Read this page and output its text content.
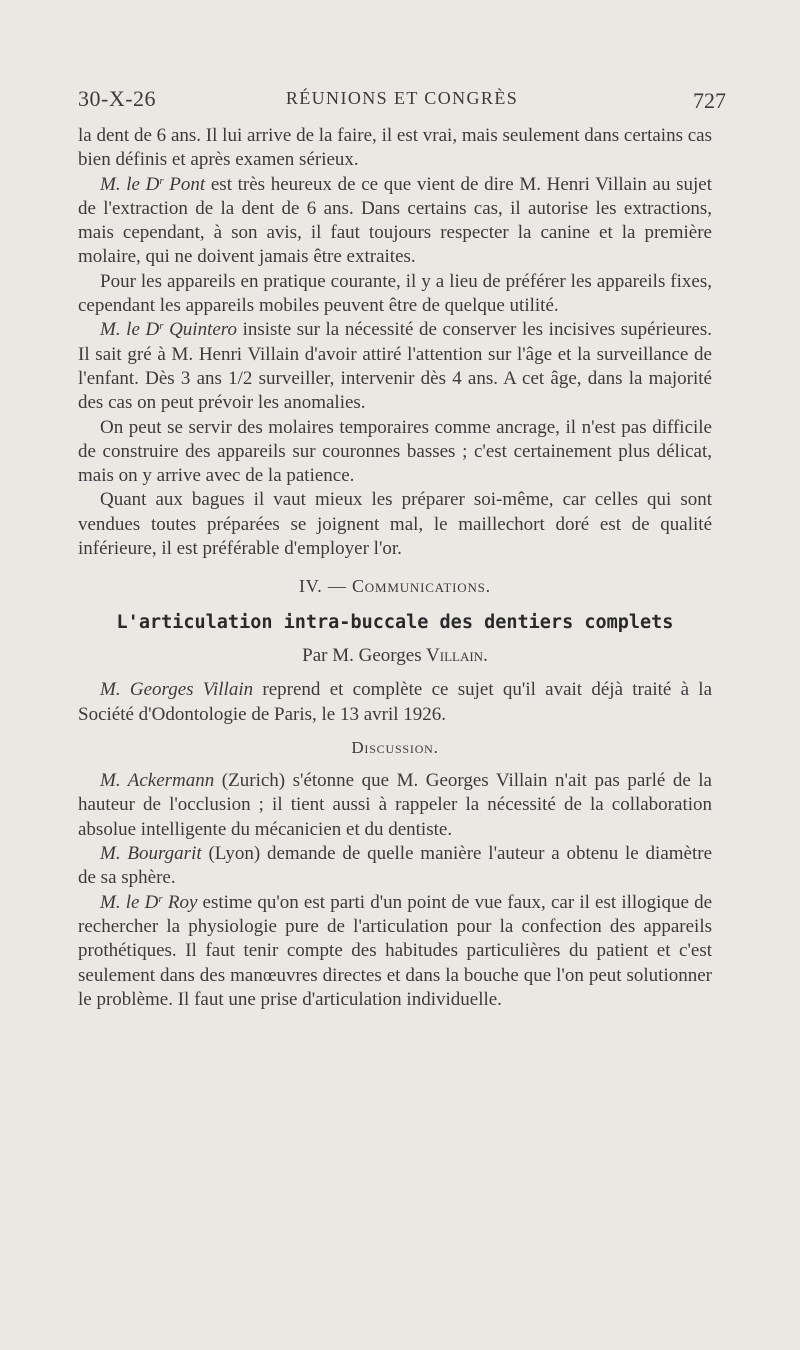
30-X-26	RÉUNIONS ET CONGRÈS	727

la dent de 6 ans. Il lui arrive de la faire, il est vrai, mais seulement dans certains cas bien définis et après examen sérieux.

M. le $D^r$ Pont est très heureux de ce que vient de dire M. Henri Villain au sujet de l'extraction de la dent de 6 ans. Dans certains cas, il autorise les extractions, mais cependant, à son avis, il faut toujours respecter la canine et la première molaire, qui ne doivent jamais être extraites.

Pour les appareils en pratique courante, il y a lieu de préférer les appareils fixes, cependant les appareils mobiles peuvent être de quelque utilité.

M. le $D^r$ Quintero insiste sur la nécessité de conserver les incisives supérieures. Il sait gré à M. Henri Villain d'avoir attiré l'attention sur l'âge et la surveillance de l'enfant. Dès 3 ans 1/2 surveiller, intervenir dès 4 ans. A cet âge, dans la majorité des cas on peut prévoir les anomalies.

On peut se servir des molaires temporaires comme ancrage, il n'est pas difficile de construire des appareils sur couronnes basses ; c'est certainement plus délicat, mais on y arrive avec de la patience.

Quant aux bagues il vaut mieux les préparer soi-même, car celles qui sont vendues toutes préparées se joignent mal, le maillechort doré est de qualité inférieure, il est préférable d'employer l'or.

IV. — Communications.

L'articulation intra-buccale des dentiers complets

Par M. Georges Villain.

M. Georges Villain reprend et complète ce sujet qu'il avait déjà traité à la Société d'Odontologie de Paris, le 13 avril 1926.

Discussion.

M. Ackermann (Zurich) s'étonne que M. Georges Villain n'ait pas parlé de la hauteur de l'occlusion ; il tient aussi à rappeler la nécessité de la collaboration absolue intelligente du mécanicien et du dentiste.

M. Bourgarit (Lyon) demande de quelle manière l'auteur a obtenu le diamètre de sa sphère.

M. le $D^r$ Roy estime qu'on est parti d'un point de vue faux, car il est illogique de rechercher la physiologie pure de l'articulation pour la confection des appareils prothétiques. Il faut tenir compte des habitudes particulières du patient et c'est seulement dans des manœuvres directes et dans la bouche que l'on peut solutionner le problème. Il faut une prise d'articulation individuelle.
